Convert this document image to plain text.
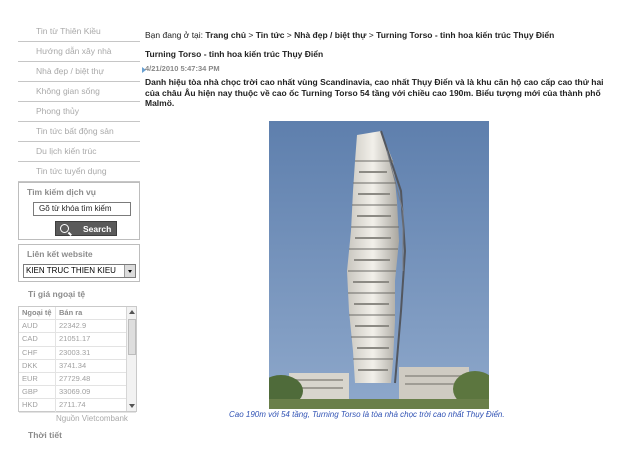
Tin từ Thiên Kiều
Hướng dẫn xây nhà
Nhà đẹp / biệt thự
Không gian sống
Phong thủy
Tin tức bất động sản
Du lịch kiến trúc
Tin tức tuyển dụng
Tìm kiếm dịch vụ
Gõ từ khóa tìm kiếm
Search
Liên kết website
KIEN TRUC THIEN KIEU
Tỉ giá ngoại tệ
Ngoại tệ Bán ra
AUD	22342.9
CAD	21051.17
CHF	23003.31
DKK	3741.34
EUR	27729.48
GBP	33069.09
HKD	2711.74
Nguồn Vietcombank
Thời tiết
Bạn đang ở tại: Trang chủ > Tin tức > Nhà đẹp / biệt thự > Turning Torso - tinh hoa kiến trúc Thụy Điển
Turning Torso - tinh hoa kiến trúc Thụy Điển
4/21/2010 5:47:34 PM
Danh hiệu tòa nhà chọc trời cao nhất vùng Scandinavia, cao nhất Thụy Điển và là khu căn hộ cao cấp cao thứ hai của châu Âu hiện nay thuộc về cao ốc Turning Torso 54 tầng với chiều cao 190m. Biểu tượng mới của thành phố Malmö.
Cao 190m với 54 tầng, Turning Torso là tòa nhà chọc trời cao nhất Thụy Điển.
